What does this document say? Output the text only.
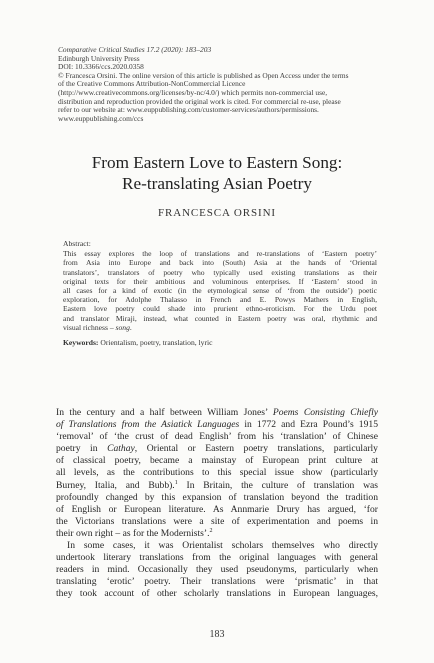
Comparative Critical Studies 17.2 (2020): 183–203
Edinburgh University Press
DOI: 10.3366/ccs.2020.0358
© Francesca Orsini. The online version of this article is published as Open Access under the terms
of the Creative Commons Attribution-NonCommercial Licence
(http://www.creativecommons.org/licenses/by-nc/4.0/) which permits non-commercial use,
distribution and reproduction provided the original work is cited. For commercial re-use, please
refer to our website at: www.euppublishing.com/customer-services/authors/permissions.
www.euppublishing.com/ccs
From Eastern Love to Eastern Song:
Re-translating Asian Poetry
FRANCESCA ORSINI
Abstract:
This essay explores the loop of translations and re-translations of ‘Eastern poetry’
from Asia into Europe and back into (South) Asia at the hands of ‘Oriental
translators’, translators of poetry who typically used existing translations as their
original texts for their ambitious and voluminous enterprises. If ‘Eastern’ stood in
all cases for a kind of exotic (in the etymological sense of ‘from the outside’) poetic
exploration, for Adolphe Thalasso in French and E. Powys Mathers in English,
Eastern love poetry could shade into prurient ethno-eroticism. For the Urdu poet
and translator Miraji, instead, what counted in Eastern poetry was oral, rhythmic and
visual richness – song.
Keywords: Orientalism, poetry, translation, lyric
In the century and a half between William Jones’ Poems Consisting Chiefly
of Translations from the Asiatick Languages in 1772 and Ezra Pound’s 1915
‘removal’ of ‘the crust of dead English’ from his ‘translation’ of Chinese
poetry in Cathay, Oriental or Eastern poetry translations, particularly
of classical poetry, became a mainstay of European print culture at
all levels, as the contributions to this special issue show (particularly
Burney, Italia, and Bubb).$^1$ In Britain, the culture of translation was
profoundly changed by this expansion of translation beyond the tradition
of English or European literature. As Annmarie Drury has argued, ‘for
the Victorians translations were a site of experimentation and poems in
their own right – as for the Modernists’.$^2$
In some cases, it was Orientalist scholars themselves who directly
undertook literary translations from the original languages with general
readers in mind. Occasionally they used pseudonyms, particularly when
translating ‘erotic’ poetry. Their translations were ‘prismatic’ in that
they took account of other scholarly translations in European languages,
183
